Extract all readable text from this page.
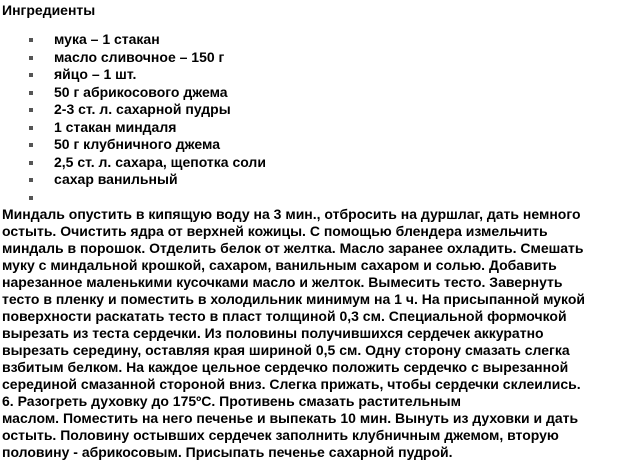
Ингредиенты
мука – 1 стакан
масло сливочное – 150 г
яйцо – 1 шт.
50 г абрикосового джема
2-3 ст. л. сахарной пудры
1 стакан миндаля
50 г клубничного джема
2,5 ст. л. сахара, щепотка соли
сахар ванильный
Миндаль опустить в кипящую воду на 3 мин., отбросить на дуршлаг, дать немного
остыть. Очистить ядра от верхней кожицы. С помощью блендера измельчить
миндаль в порошок. Отделить белок от желтка. Масло заранее охладить. Смешать
муку с миндальной крошкой, сахаром, ванильным сахаром и солью. Добавить
нарезанное маленькими кусочками масло и желток. Вымесить тесто. Завернуть
тесто в пленку и поместить в холодильник минимум на 1 ч. На присыпанной мукой
поверхности раскатать тесто в пласт толщиной 0,3 см. Специальной формочкой
вырезать из теста сердечки. Из половины получившихся сердечек аккуратно
вырезать середину, оставляя края шириной 0,5 см. Одну сторону смазать слегка
взбитым белком. На каждое цельное сердечко положить сердечко с вырезанной
серединой смазанной стороной вниз. Слегка прижать, чтобы сердечки склеились.
6. Разогреть духовку до 175ºС. Противень смазать растительным
маслом. Поместить на него печенье и выпекать 10 мин. Вынуть из духовки и дать
остыть. Половину остывших сердечек заполнить клубничным джемом, вторую
половину - абрикосовым. Присыпать печенье сахарной пудрой.
